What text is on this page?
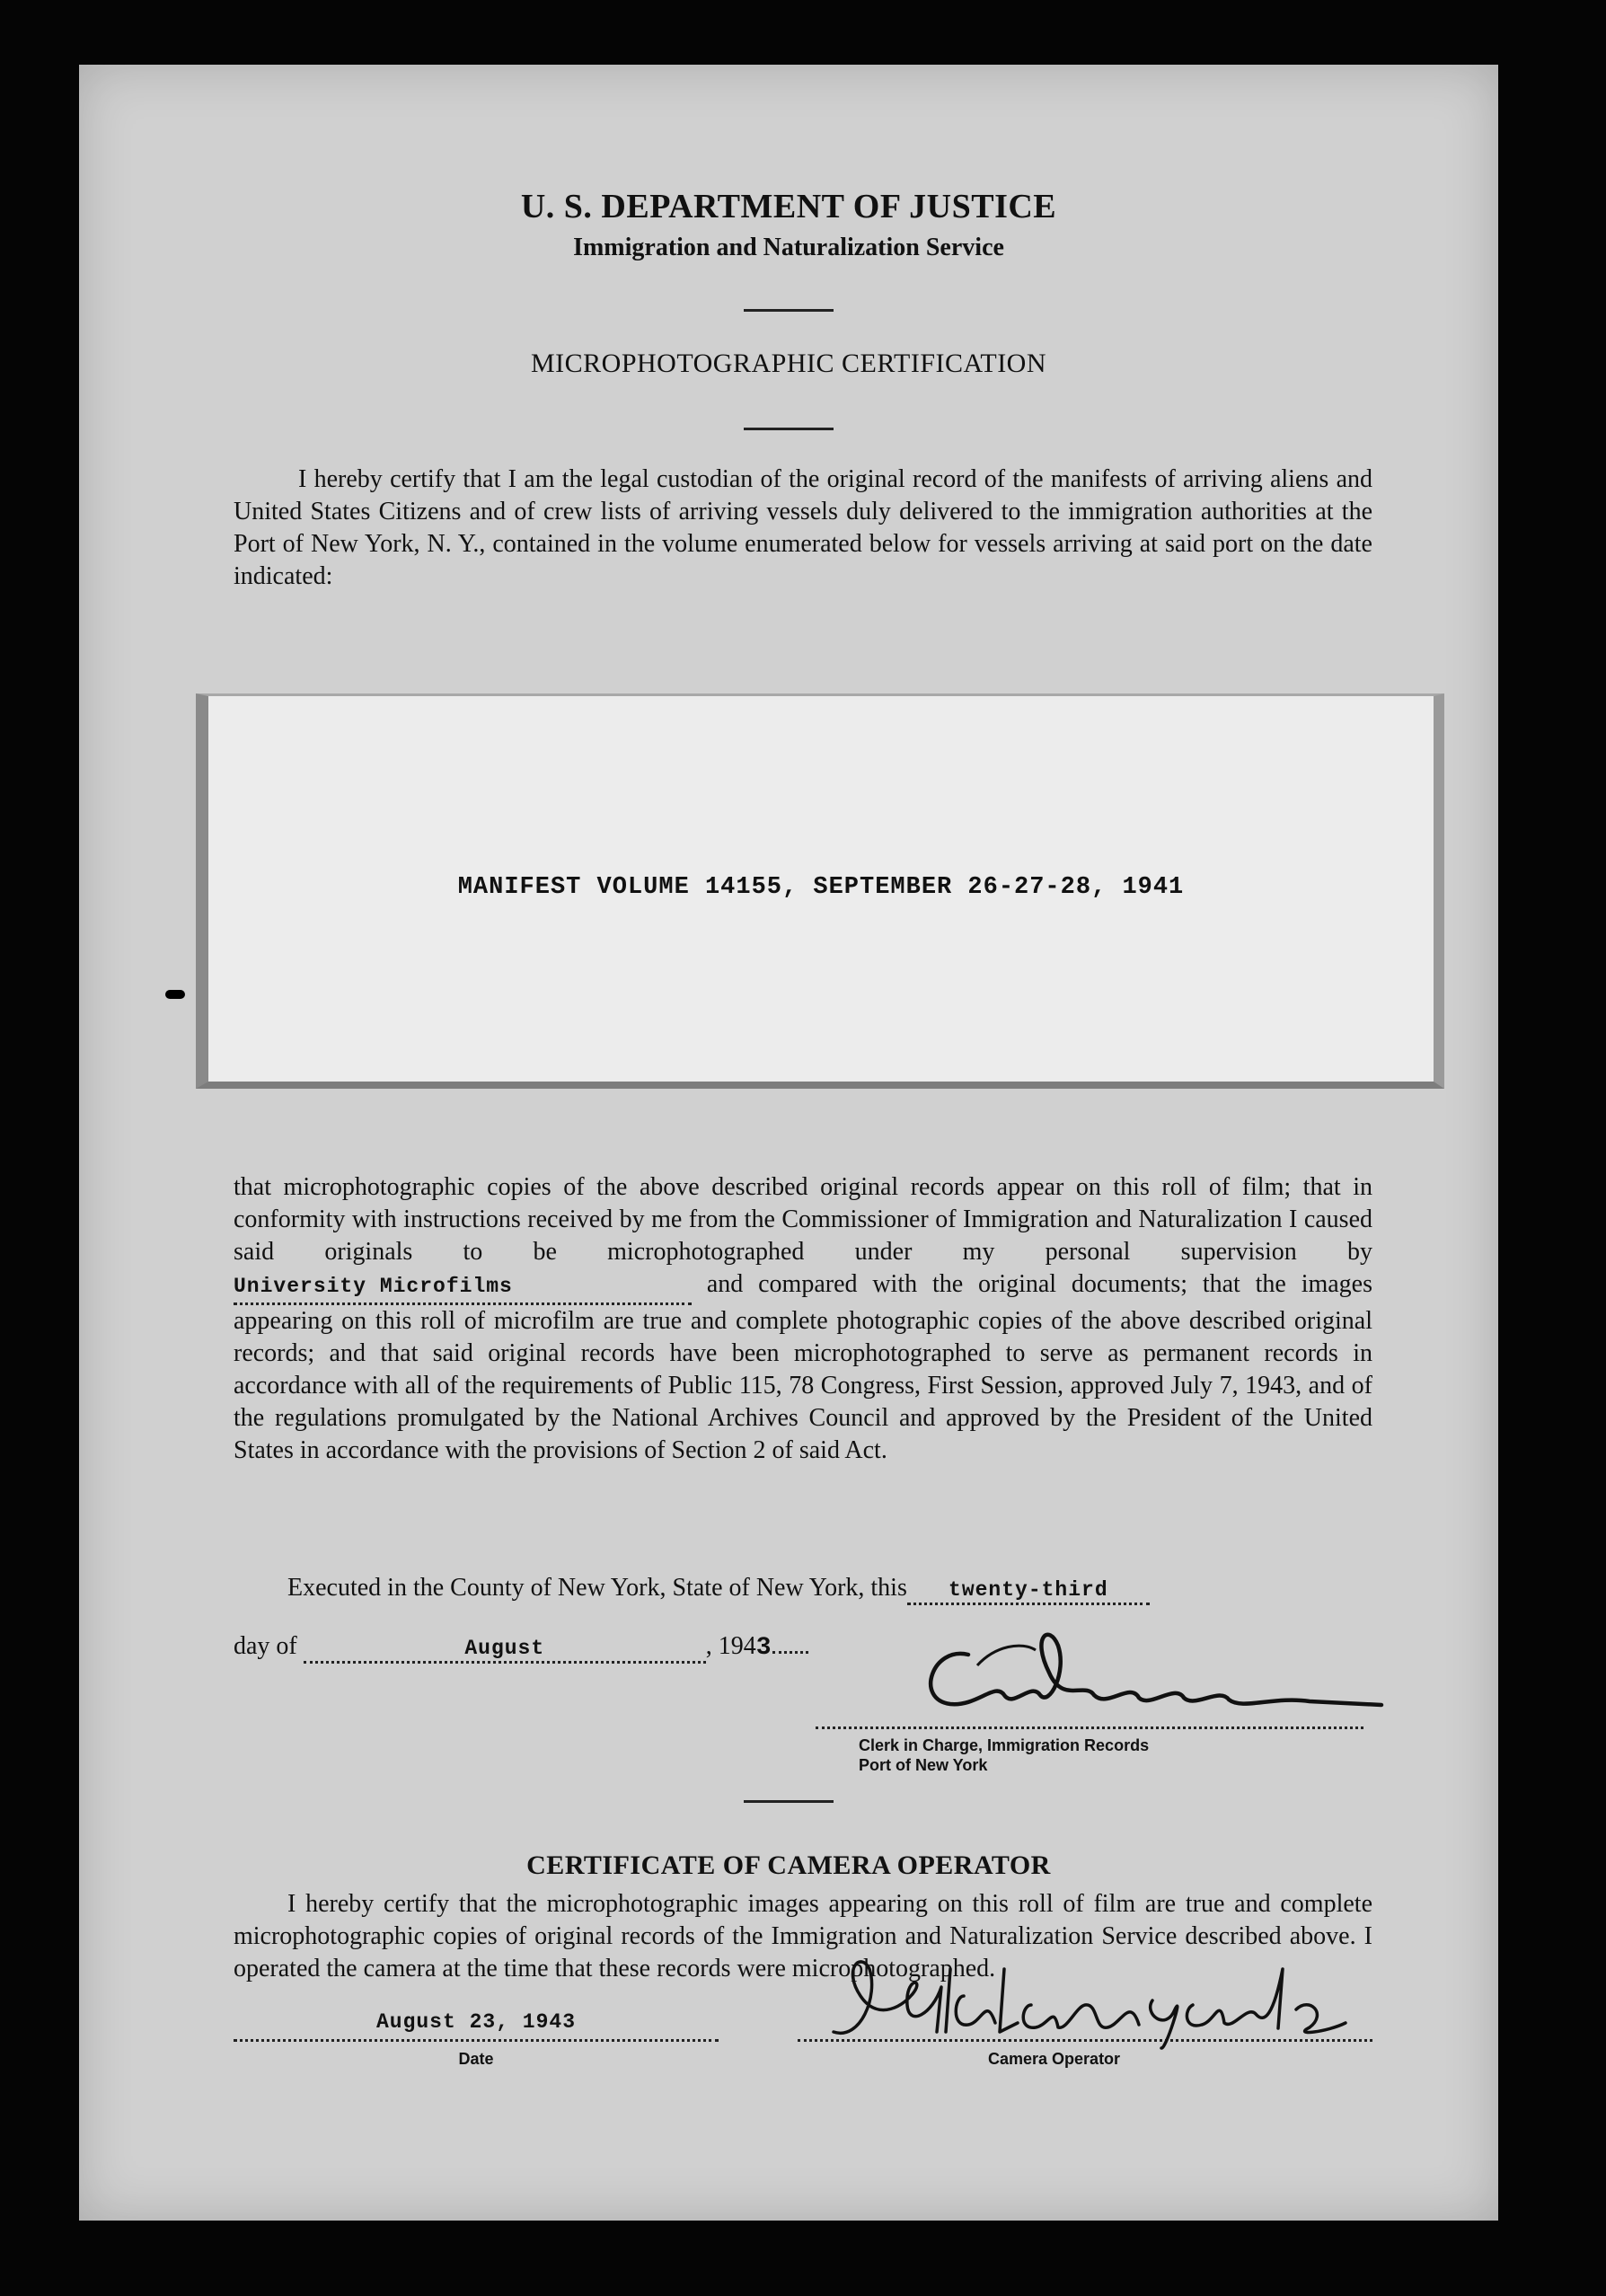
U. S. DEPARTMENT OF JUSTICE
Immigration and Naturalization Service
MICROPHOTOGRAPHIC CERTIFICATION
I hereby certify that I am the legal custodian of the original record of the manifests of arriving aliens and United States Citizens and of crew lists of arriving vessels duly delivered to the immigration authorities at the Port of New York, N. Y., contained in the volume enumerated below for vessels arriving at said port on the date indicated:
MANIFEST VOLUME 14155, SEPTEMBER 26-27-28, 1941
that microphotographic copies of the above described original records appear on this roll of film; that in conformity with instructions received by me from the Commissioner of Immigration and Naturalization I caused said originals to be microphotographed under my personal supervision by University Microfilms	and compared with the original documents; that the images appearing on this roll of microfilm are true and complete photographic copies of the above described original records; and that said original records have been microphotographed to serve as permanent records in accordance with all of the requirements of Public 115, 78 Congress, First Session, approved July 7, 1943, and of the regulations promulgated by the National Archives Council and approved by the President of the United States in accordance with the provisions of Section 2 of said Act.
Executed in the County of New York, State of New York, this twenty-third
day of	August	, 1943
Clerk in Charge, Immigration Records
Port of New York
CERTIFICATE OF CAMERA OPERATOR
I hereby certify that the microphotographic images appearing on this roll of film are true and complete microphotographic copies of original records of the Immigration and Naturalization Service described above. I operated the camera at the time that these records were microphotographed.
August 23, 1943
Date	Camera Operator
